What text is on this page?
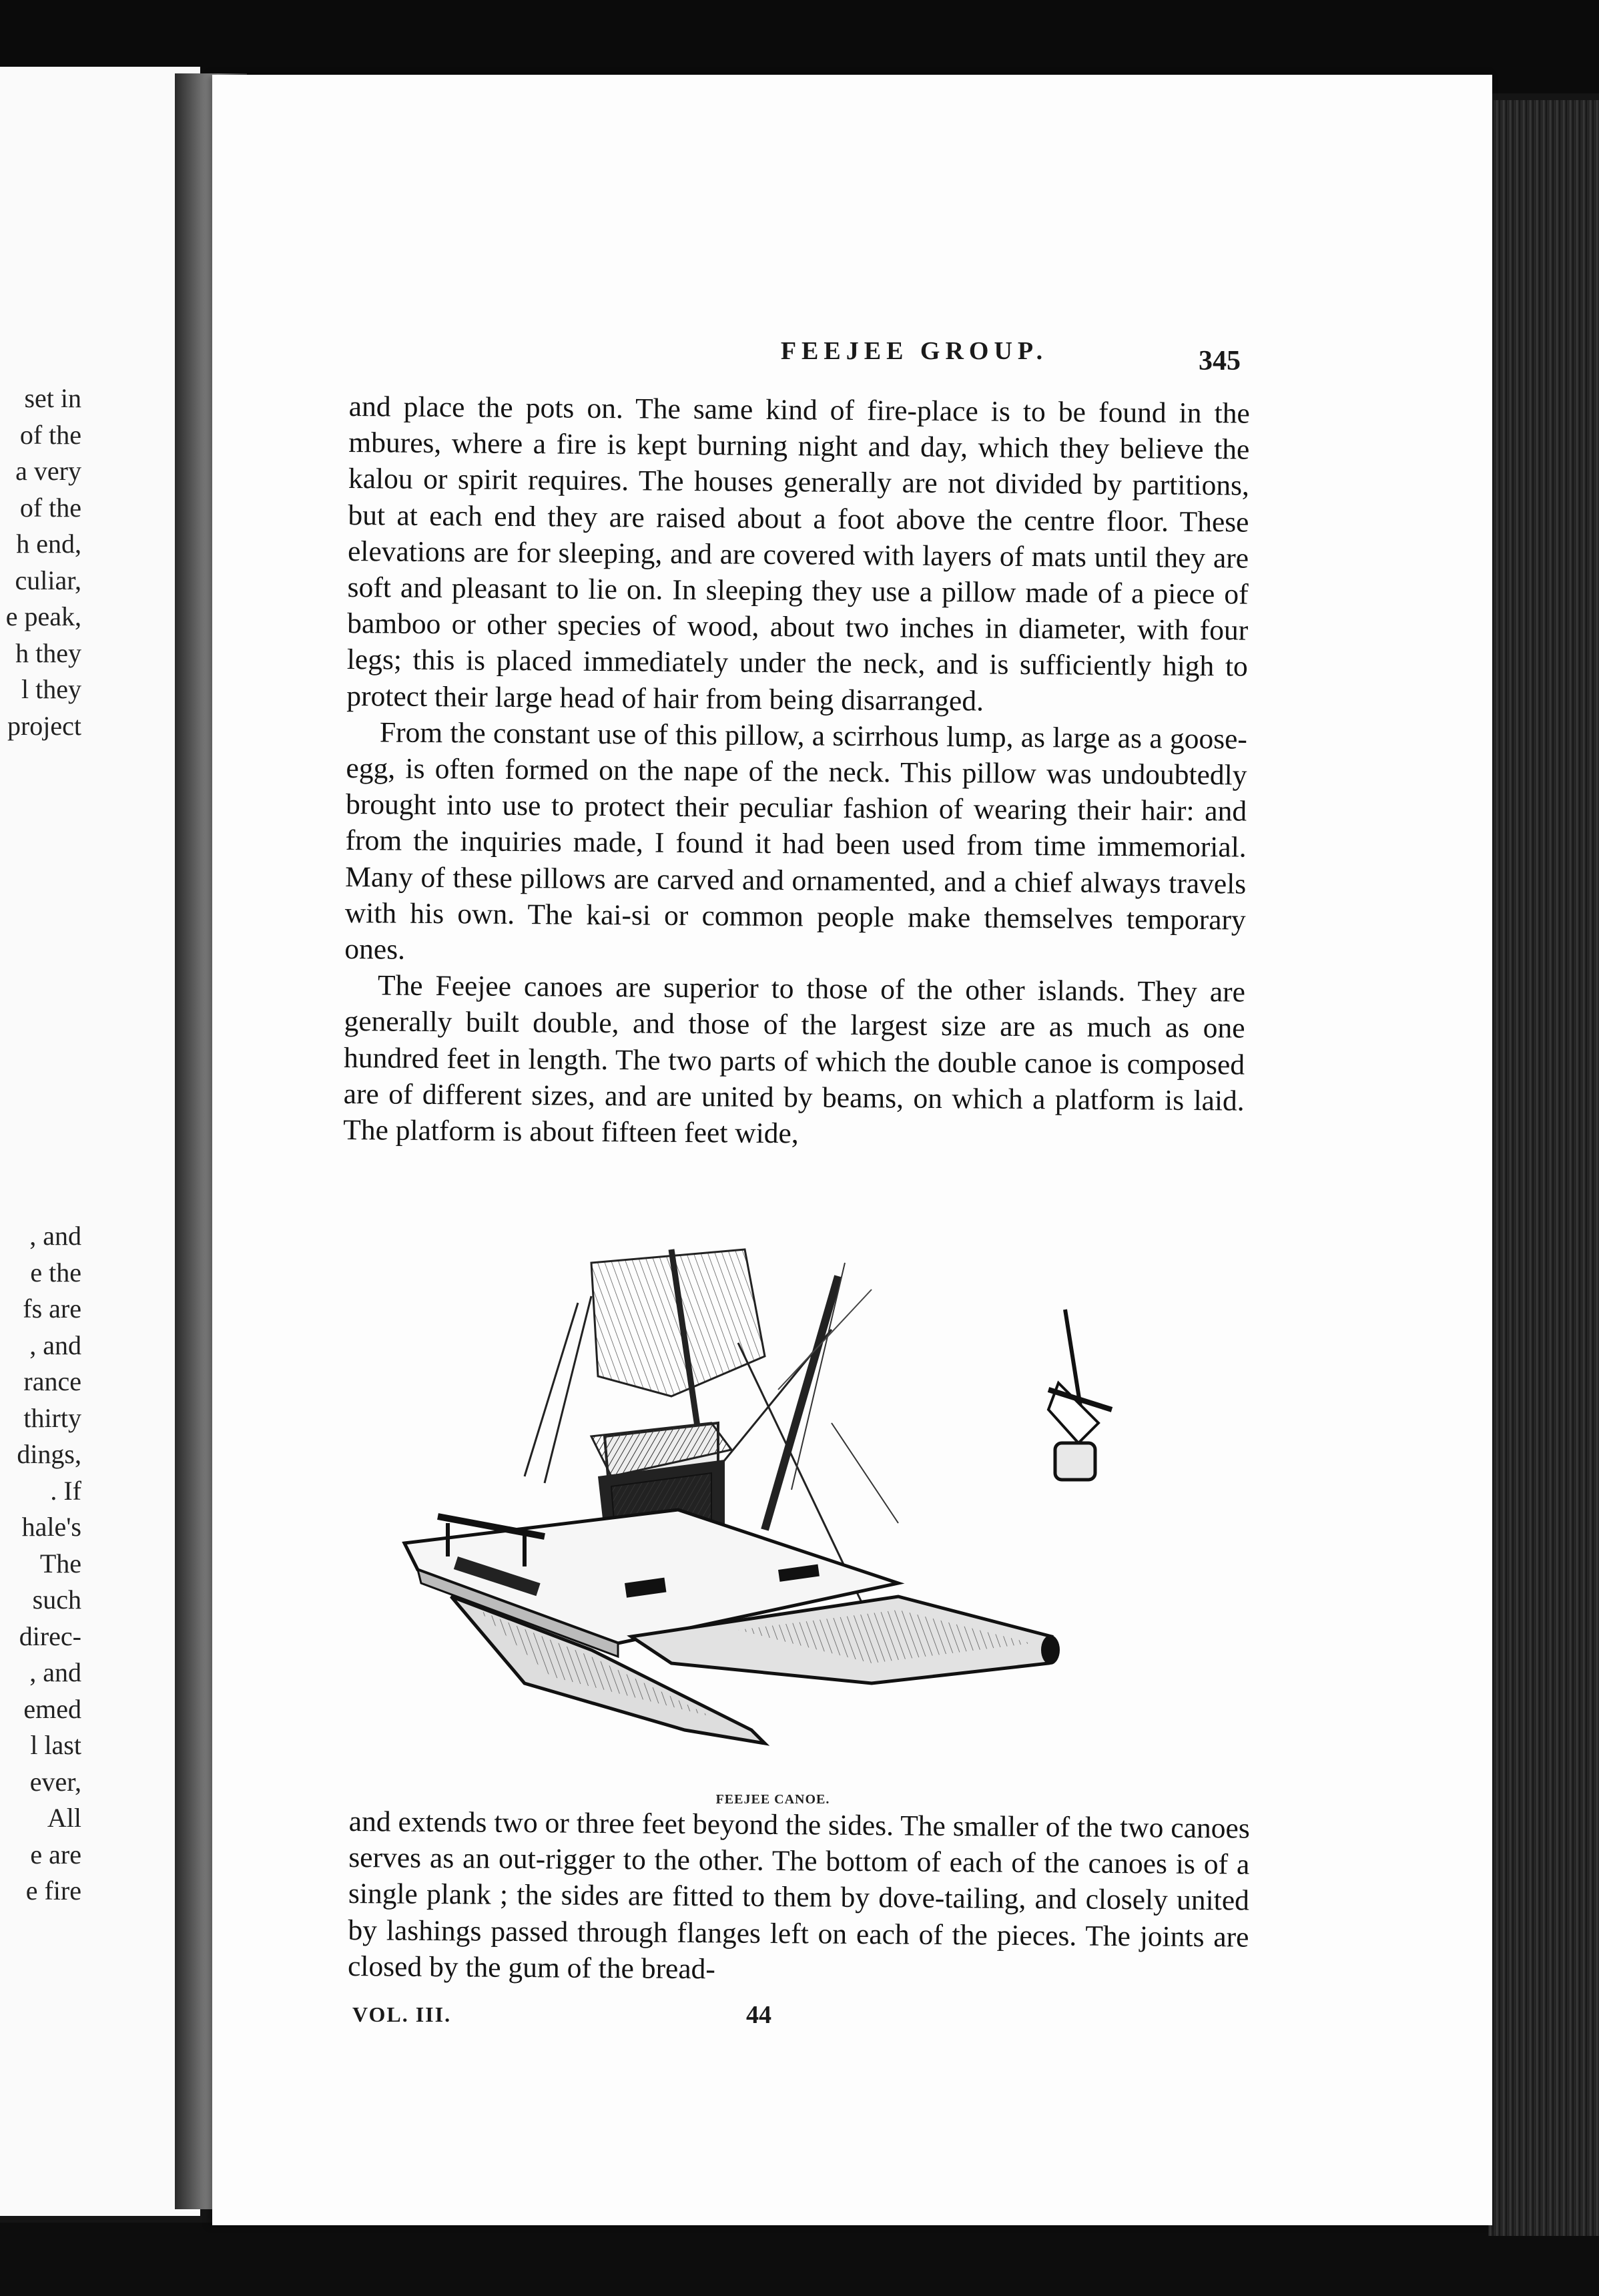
set in
of the
a very
of the
h end,
culiar,
e peak,
h they
l they
project
, and
e the
fs are
, and
rance
thirty
dings,
. If
hale's
The
such
direc-
, and
emed
l last
ever,
All
e are
e fire
FEEJEE GROUP.	345

and place the pots on. The same kind of fire-place is to be found in the mbures, where a fire is kept burning night and day, which they believe the kalou or spirit requires. The houses generally are not divided by partitions, but at each end they are raised about a foot above the centre floor. These elevations are for sleeping, and are covered with layers of mats until they are soft and pleasant to lie on. In sleeping they use a pillow made of a piece of bamboo or other species of wood, about two inches in diameter, with four legs; this is placed immediately under the neck, and is sufficiently high to protect their large head of hair from being disarranged.

From the constant use of this pillow, a scirrhous lump, as large as a goose-egg, is often formed on the nape of the neck. This pillow was undoubtedly brought into use to protect their peculiar fashion of wearing their hair: and from the inquiries made, I found it had been used from time immemorial. Many of these pillows are carved and ornamented, and a chief always travels with his own. The kai-si or common people make themselves temporary ones.

The Feejee canoes are superior to those of the other islands. They are generally built double, and those of the largest size are as much as one hundred feet in length. The two parts of which the double canoe is composed are of different sizes, and are united by beams, on which a platform is laid. The platform is about fifteen feet wide,

FEEJEE CANOE.

and extends two or three feet beyond the sides. The smaller of the two canoes serves as an out-rigger to the other. The bottom of each of the canoes is of a single plank ; the sides are fitted to them by dove-tailing, and closely united by lashings passed through flanges left on each of the pieces. The joints are closed by the gum of the bread-

VOL. III.	44
